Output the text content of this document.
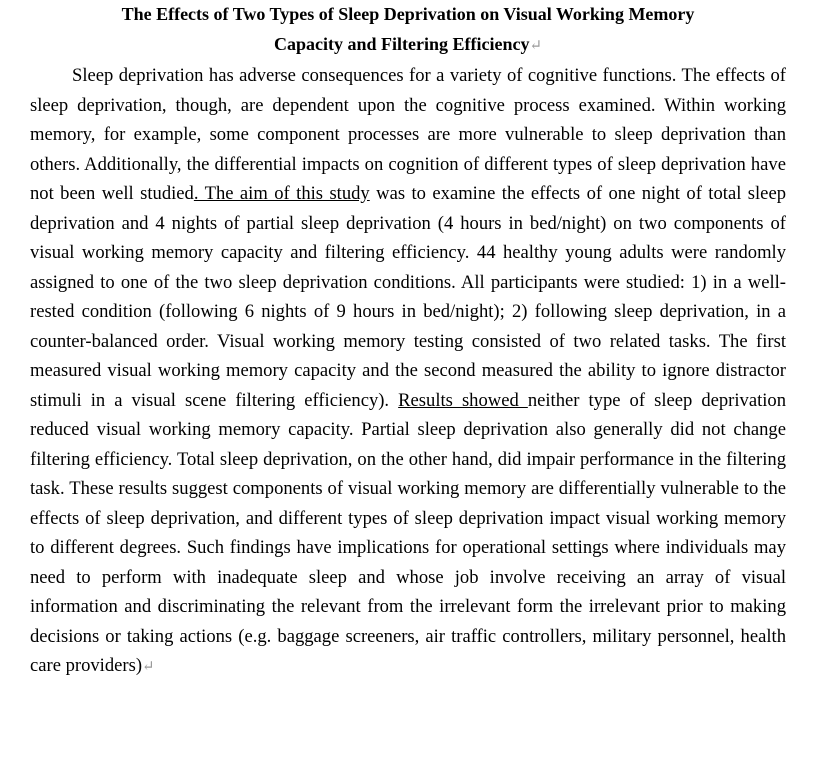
The Effects of Two Types of Sleep Deprivation on Visual Working Memory
Capacity and Filtering Efficiency↵

Sleep deprivation has adverse consequences for a variety of cognitive functions. The effects of sleep deprivation, though, are dependent upon the cognitive process examined. Within working memory, for example, some component processes are more vulnerable to sleep deprivation than others. Additionally, the differential impacts on cognition of different types of sleep deprivation have not been well studied. The aim of this study was to examine the effects of one night of total sleep deprivation and 4 nights of partial sleep deprivation (4 hours in bed/night) on two components of visual working memory capacity and filtering efficiency. 44 healthy young adults were randomly assigned to one of the two sleep deprivation conditions. All participants were studied: 1) in a well-rested condition (following 6 nights of 9 hours in bed/night); 2) following sleep deprivation, in a counter-balanced order. Visual working memory testing consisted of two related tasks. The first measured visual working memory capacity and the second measured the ability to ignore distractor stimuli in a visual scene filtering efficiency). Results showed neither type of sleep deprivation reduced visual working memory capacity. Partial sleep deprivation also generally did not change filtering efficiency. Total sleep deprivation, on the other hand, did impair performance in the filtering task. These results suggest components of visual working memory are differentially vulnerable to the effects of sleep deprivation, and different types of sleep deprivation impact visual working memory to different degrees. Such findings have implications for operational settings where individuals may need to perform with inadequate sleep and whose job involve receiving an array of visual information and discriminating the relevant from the irrelevant form the irrelevant prior to making decisions or taking actions (e.g. baggage screeners, air traffic controllers, military personnel, health care providers)↵
